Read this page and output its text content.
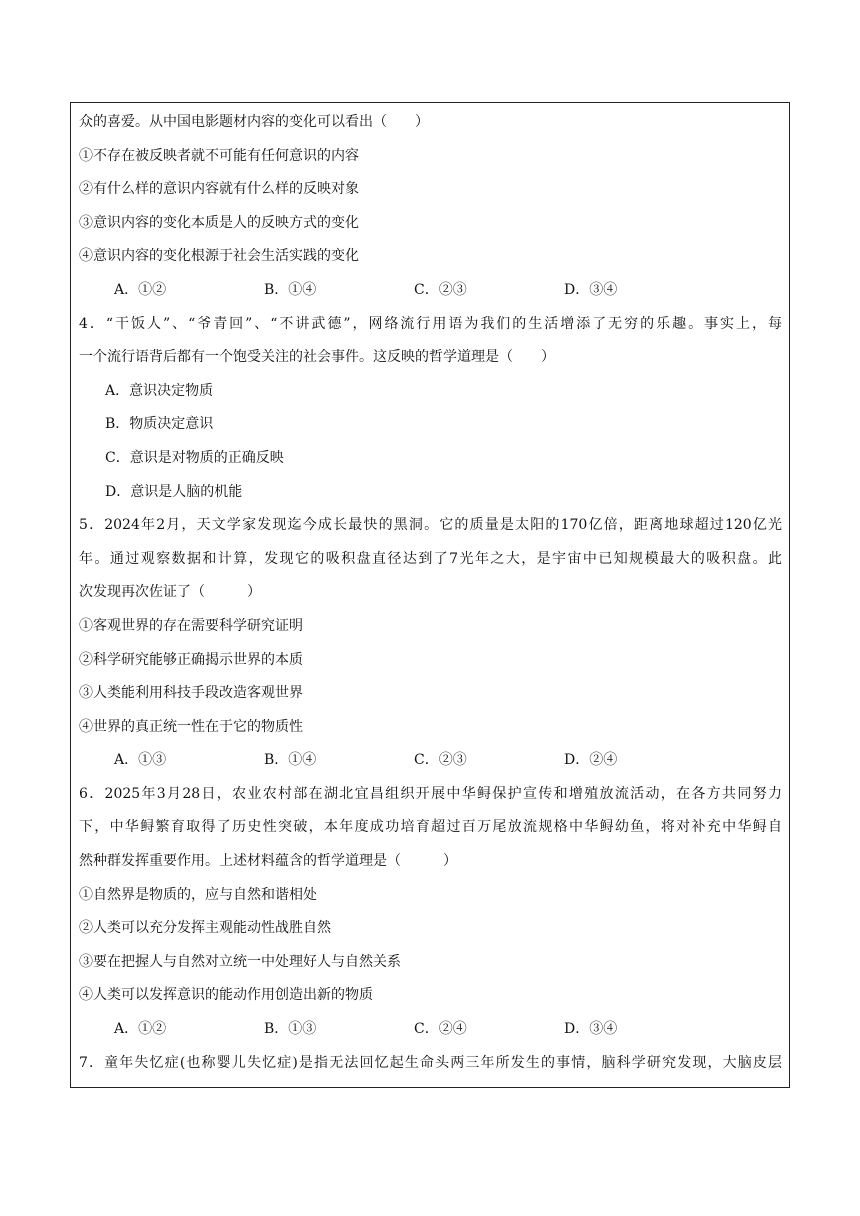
众的喜爱。从中国电影题材内容的变化可以看出（　　）
①不存在被反映者就不可能有任何意识的内容
②有什么样的意识内容就有什么样的反映对象
③意识内容的变化本质是人的反映方式的变化
④意识内容的变化根源于社会生活实践的变化
A．①②	B．①④	C．②③	D．③④
4．“干饭人”、“爷青回”、“不讲武德”，网络流行用语为我们的生活增添了无穷的乐趣。事实上，每
一个流行语背后都有一个饱受关注的社会事件。这反映的哲学道理是（　　）
A．意识决定物质
B．物质决定意识
C．意识是对物质的正确反映
D．意识是人脑的机能
5．2024年2月，天文学家发现迄今成长最快的黑洞。它的质量是太阳的170亿倍，距离地球超过120亿光
年。通过观察数据和计算，发现它的吸积盘直径达到了7光年之大，是宇宙中已知规模最大的吸积盘。此
次发现再次佐证了（　　　）
①客观世界的存在需要科学研究证明
②科学研究能够正确揭示世界的本质
③人类能利用科技手段改造客观世界
④世界的真正统一性在于它的物质性
A．①③	B．①④	C．②③	D．②④
6．2025年3月28日，农业农村部在湖北宜昌组织开展中华鲟保护宣传和增殖放流活动，在各方共同努力
下，中华鲟繁育取得了历史性突破，本年度成功培育超过百万尾放流规格中华鲟幼鱼，将对补充中华鲟自
然种群发挥重要作用。上述材料蕴含的哲学道理是（　　　）
①自然界是物质的，应与自然和谐相处
②人类可以充分发挥主观能动性战胜自然
③要在把握人与自然对立统一中处理好人与自然关系
④人类可以发挥意识的能动作用创造出新的物质
A．①②	B．①③	C．②④	D．③④
7．童年失忆症(也称婴儿失忆症)是指无法回忆起生命头两三年所发生的事情，脑科学研究发现，大脑皮层
